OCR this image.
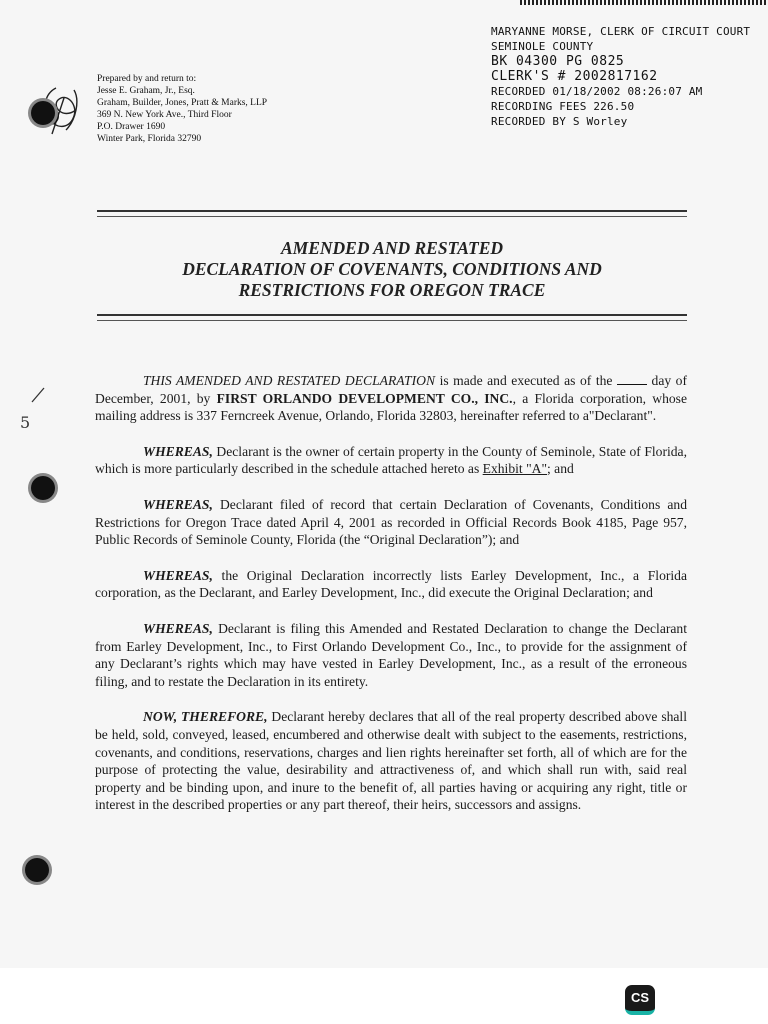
MARYANNE MORSE, CLERK OF CIRCUIT COURT
SEMINOLE COUNTY
BK 04300 PG 0825
CLERK'S # 2002817162
RECORDED 01/18/2002 08:26:07 AM
RECORDING FEES 226.50
RECORDED BY S Worley
Prepared by and return to:
Jesse E. Graham, Jr., Esq.
Graham, Builder, Jones, Pratt & Marks, LLP
369 N. New York Ave., Third Floor
P.O. Drawer 1690
Winter Park, Florida 32790
AMENDED AND RESTATED
DECLARATION OF COVENANTS, CONDITIONS AND
RESTRICTIONS FOR OREGON TRACE
5

THIS AMENDED AND RESTATED DECLARATION is made and executed as of the  day of December, 2001, by FIRST ORLANDO DEVELOPMENT CO., INC., a Florida corporation, whose mailing address is 337 Ferncreek Avenue, Orlando, Florida 32803, hereinafter referred to a"Declarant".

WHEREAS, Declarant is the owner of certain property in the County of Seminole, State of Florida, which is more particularly described in the schedule attached hereto as Exhibit "A"; and

WHEREAS, Declarant filed of record that certain Declaration of Covenants, Conditions and Restrictions for Oregon Trace dated April 4, 2001 as recorded in Official Records Book 4185, Page 957, Public Records of Seminole County, Florida (the “Original Declaration”); and

WHEREAS, the Original Declaration incorrectly lists Earley Development, Inc., a Florida corporation, as the Declarant, and Earley Development, Inc., did execute the Original Declaration; and

WHEREAS, Declarant is filing this Amended and Restated Declaration to change the Declarant from Earley Development, Inc., to First Orlando Development Co., Inc., to provide for the assignment of any Declarant’s rights which may have vested in Earley Development, Inc., as a result of the erroneous filing, and to restate the Declaration in its entirety.

NOW, THEREFORE, Declarant hereby declares that all of the real property described above shall be held, sold, conveyed, leased, encumbered and otherwise dealt with subject to the easements, restrictions, covenants, and conditions, reservations, charges and lien rights hereinafter set forth, all of which are for the purpose of protecting the value, desirability and attractiveness of, and which shall run with, said real property and be binding upon, and inure to the benefit of, all parties having or acquiring any right, title or interest in the described properties or any part thereof, their heirs, successors and assigns.

CS
